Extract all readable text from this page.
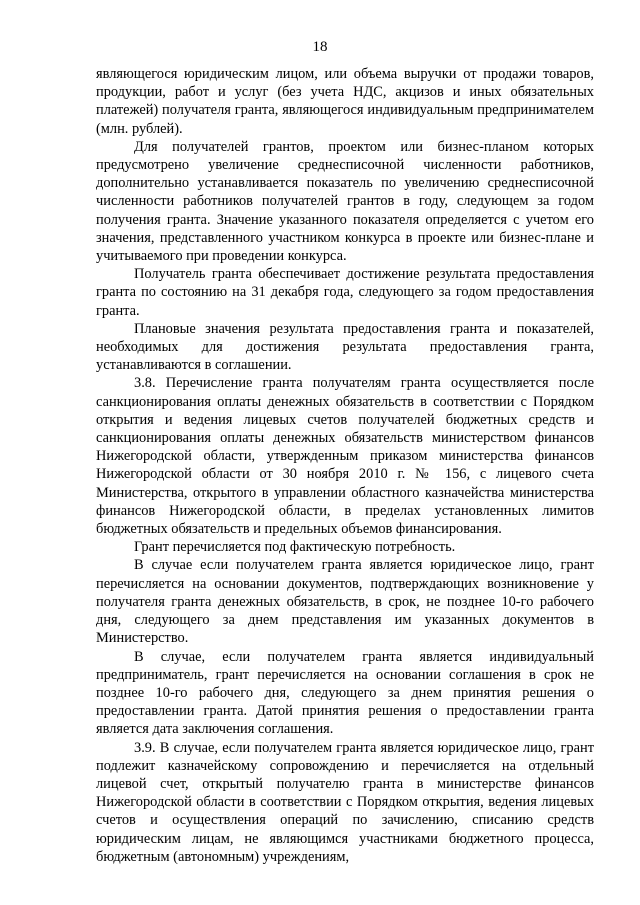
18

являющегося юридическим лицом, или объема выручки от продажи товаров, продукции, работ и услуг (без учета НДС, акцизов и иных обязательных платежей) получателя гранта, являющегося индивидуальным предпринимателем (млн. рублей).

Для получателей грантов, проектом или бизнес-планом которых предусмотрено увеличение среднесписочной численности работников, дополнительно устанавливается показатель по увеличению среднесписочной численности работников получателей грантов в году, следующем за годом получения гранта. Значение указанного показателя определяется с учетом его значения, представленного участником конкурса в проекте или бизнес-плане и учитываемого при проведении конкурса.

Получатель гранта обеспечивает достижение результата предоставления гранта по состоянию на 31 декабря года, следующего за годом предоставления гранта.

Плановые значения результата предоставления гранта и показателей, необходимых для достижения результата предоставления гранта, устанавливаются в соглашении.

3.8. Перечисление гранта получателям гранта осуществляется после санкционирования оплаты денежных обязательств в соответствии с Порядком открытия и ведения лицевых счетов получателей бюджетных средств и санкционирования оплаты денежных обязательств министерством финансов Нижегородской области, утвержденным приказом министерства финансов Нижегородской области от 30 ноября 2010 г. № 156, с лицевого счета Министерства, открытого в управлении областного казначейства министерства финансов Нижегородской области, в пределах установленных лимитов бюджетных обязательств и предельных объемов финансирования.

Грант перечисляется под фактическую потребность.

В случае если получателем гранта является юридическое лицо, грант перечисляется на основании документов, подтверждающих возникновение у получателя гранта денежных обязательств, в срок, не позднее 10-го рабочего дня, следующего за днем представления им указанных документов в Министерство.

В случае, если получателем гранта является индивидуальный предприниматель, грант перечисляется на основании соглашения в срок не позднее 10-го рабочего дня, следующего за днем принятия решения о предоставлении гранта. Датой принятия решения о предоставлении гранта является дата заключения соглашения.

3.9. В случае, если получателем гранта является юридическое лицо, грант подлежит казначейскому сопровождению и перечисляется на отдельный лицевой счет, открытый получателю гранта в министерстве финансов Нижегородской области в соответствии с Порядком открытия, ведения лицевых счетов и осуществления операций по зачислению, списанию средств юридическим лицам, не являющимся участниками бюджетного процесса, бюджетным (автономным) учреждениям,
